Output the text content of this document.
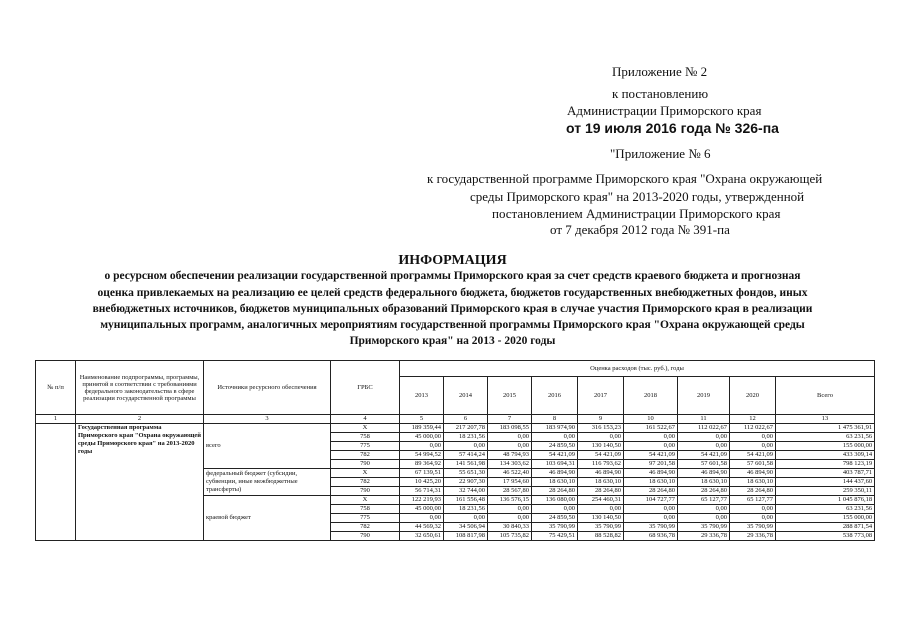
Приложение № 2
к постановлению
Администрации Приморского края
от 19 июля 2016 года № 326-па
"Приложение № 6
к государственной программе Приморского края "Охрана окружающей
среды Приморского края" на 2013-2020 годы, утвержденной
постановлением Администрации Приморского края
от 7 декабря 2012 года № 391-па
ИНФОРМАЦИЯ
о ресурсном обеспечении реализации государственной программы Приморского края за счет средств краевого бюджета и прогнозная
оценка привлекаемых на реализацию ее целей средств федерального бюджета, бюджетов государственных внебюджетных фондов, иных
внебюджетных источников, бюджетов муниципальных образований Приморского края в случае участия Приморского края в реализации
муниципальных программ, аналогичных мероприятиям государственной программы Приморского края "Охрана окружающей среды
Приморского края" на 2013 - 2020 годы
№ п/п	Наименование подпрограммы, программы, принятой в соответствии с требованиями федерального законодательства в сфере реализации государственной программы	Источники ресурсного обеспечения	ГРБС	Оценка расходов (тыс. руб.), годы								
				2013	2014	2015	2016	2017	2018	2019	2020	Всего
1	2	3	4	5	6	7	8	9	10	11	12	13
	Государственная программа Приморского края "Охрана окружающей среды Приморского края" на 2013-2020 годы	всего	Х	189 359,44	217 207,78	183 098,55	183 974,90	316 153,23	161 522,67	112 022,67	112 022,67	1 475 361,91
			758	45 000,00	18 231,56	0,00	0,00	0,00	0,00	0,00	0,00	63 231,56
			775	0,00	0,00	0,00	24 859,50	130 140,50	0,00	0,00	0,00	155 000,00
			782	54 994,52	57 414,24	48 794,93	54 421,09	54 421,09	54 421,09	54 421,09	54 421,09	433 309,14
			790	89 364,92	141 561,98	134 303,62	103 694,31	116 793,62	97 201,58	57 601,58	57 601,58	798 123,19
		федеральный бюджет (субсидии, субвенции, иные межбюджетные трансферты)	Х	67 139,51	55 651,30	46 522,40	46 894,90	46 894,90	46 894,90	46 894,90	46 894,90	403 787,71
			782	10 425,20	22 907,30	17 954,60	18 630,10	18 630,10	18 630,10	18 630,10	18 630,10	144 437,60
			790	56 714,31	32 744,00	28 567,80	28 264,80	28 264,80	28 264,80	28 264,80	28 264,80	259 350,11
		краевой бюджет	Х	122 219,93	161 556,48	136 576,15	136 080,00	254 460,31	104 727,77	65 127,77	65 127,77	1 045 876,18
			758	45 000,00	18 231,56	0,00	0,00	0,00	0,00	0,00	0,00	63 231,56
			775	0,00	0,00	0,00	24 859,50	130 140,50	0,00	0,00	0,00	155 000,00
			782	44 569,32	34 506,94	30 840,33	35 790,99	35 790,99	35 790,99	35 790,99	35 790,99	288 871,54
			790	32 650,61	108 817,98	105 735,82	75 429,51	88 528,82	68 936,78	29 336,78	29 336,78	538 773,08
